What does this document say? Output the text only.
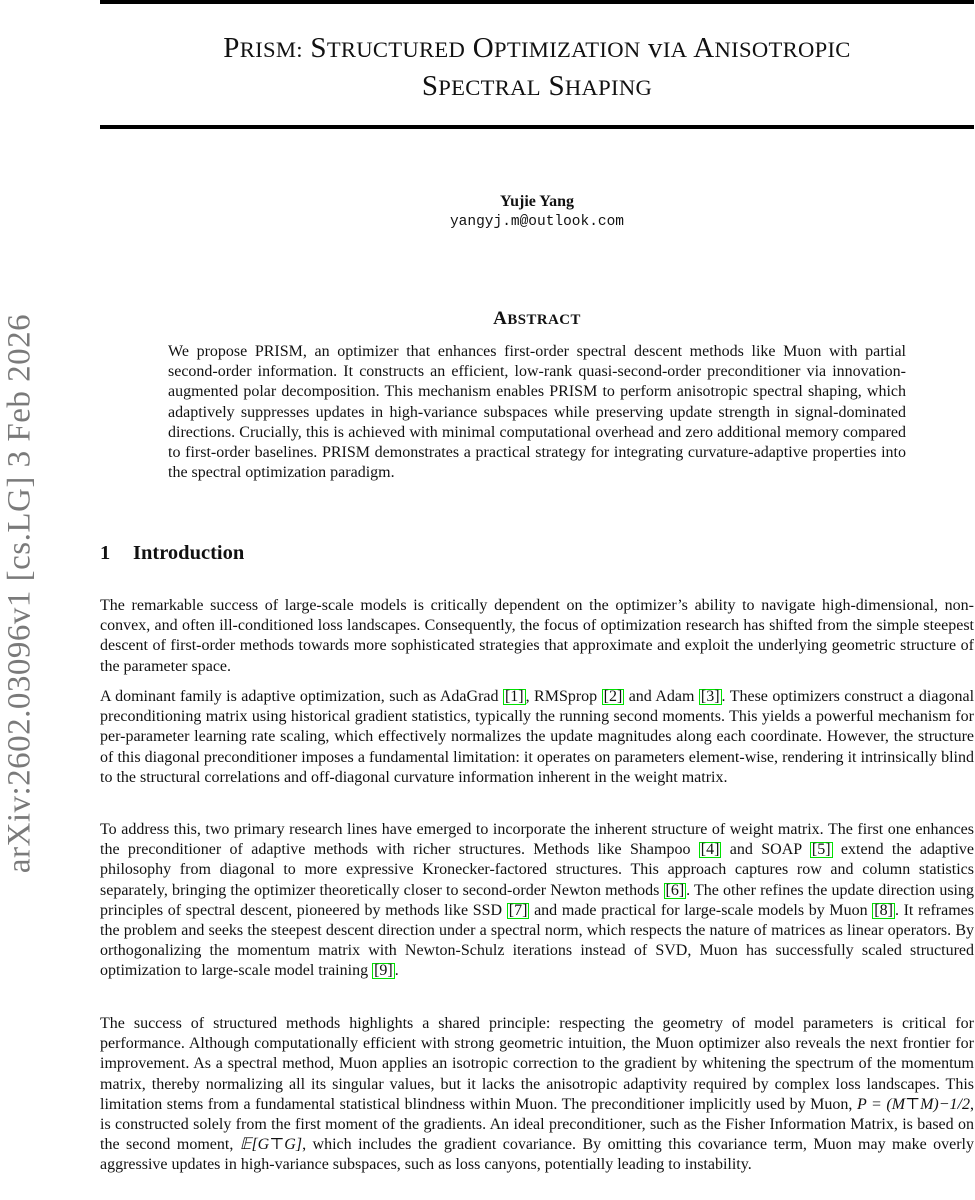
PRISM: STRUCTURED OPTIMIZATION vIA ANISOTROPIC
SPECTRAL SHAPING
arXiv:2602.03096v1 [cs.LG] 3 Feb 2026
Yujie Yang
yangyj.m@outlook.com
ABSTRACT
We propose PRISM, an optimizer that enhances first-order spectral descent methods like Muon with partial second-order information. It constructs an efficient, low-rank quasi-second-order preconditioner via innovation-augmented polar decomposition. This mechanism enables PRISM to perform anisotropic spectral shaping, which adaptively suppresses updates in high-variance subspaces while preserving update strength in signal-dominated directions. Crucially, this is achieved with minimal computational overhead and zero additional memory compared to first-order baselines. PRISM demonstrates a practical strategy for integrating curvature-adaptive properties into the spectral optimization paradigm.
1 Introduction
The remarkable success of large-scale models is critically dependent on the optimizer’s ability to navigate high-dimensional, non-convex, and often ill-conditioned loss landscapes. Consequently, the focus of optimization research has shifted from the simple steepest descent of first-order methods towards more sophisticated strategies that approximate and exploit the underlying geometric structure of the parameter space.
A dominant family is adaptive optimization, such as AdaGrad [1] , RMSprop [2] and Adam [3] . These optimizers construct a diagonal preconditioning matrix using historical gradient statistics, typically the running second moments. This yields a powerful mechanism for per-parameter learning rate scaling, which effectively normalizes the update magnitudes along each coordinate. However, the structure of this diagonal preconditioner imposes a fundamental limitation: it operates on parameters element-wise, rendering it intrinsically blind to the structural correlations and off-diagonal curvature information inherent in the weight matrix.
To address this, two primary research lines have emerged to incorporate the inherent structure of weight matrix. The first one enhances the preconditioner of adaptive methods with richer structures. Methods like Shampoo [4] and SOAP [5] extend the adaptive philosophy from diagonal to more expressive Kronecker-factored structures. This approach captures row and column statistics separately, bringing the optimizer theoretically closer to second-order Newton methods [6] . The other refines the update direction using principles of spectral descent, pioneered by methods like SSD [7] and made practical for large-scale models by Muon [8] . It reframes the problem and seeks the steepest descent direction under a spectral norm, which respects the nature of matrices as linear operators. By orthogonalizing the momentum matrix with Newton-Schulz iterations instead of SVD, Muon has successfully scaled structured optimization to large-scale model training [9] .
The success of structured methods highlights a shared principle: respecting the geometry of model parameters is critical for performance. Although computationally efficient with strong geometric intuition, the Muon optimizer also reveals the next frontier for improvement. As a spectral method, Muon applies an isotropic correction to the gradient by whitening the spectrum of the momentum matrix, thereby normalizing all its singular values, but it lacks the anisotropic adaptivity required by complex loss landscapes. This limitation stems from a fundamental statistical blindness within Muon. The preconditioner implicitly used by Muon, P = (M⊤M)−1/2, is constructed solely from the first moment of the gradients. An ideal preconditioner, such as the Fisher Information Matrix, is based on the second moment, 𝔼[G⊤G], which includes the gradient covariance. By omitting this covariance term, Muon may make overly aggressive updates in high-variance subspaces, such as loss canyons, potentially leading to instability.
